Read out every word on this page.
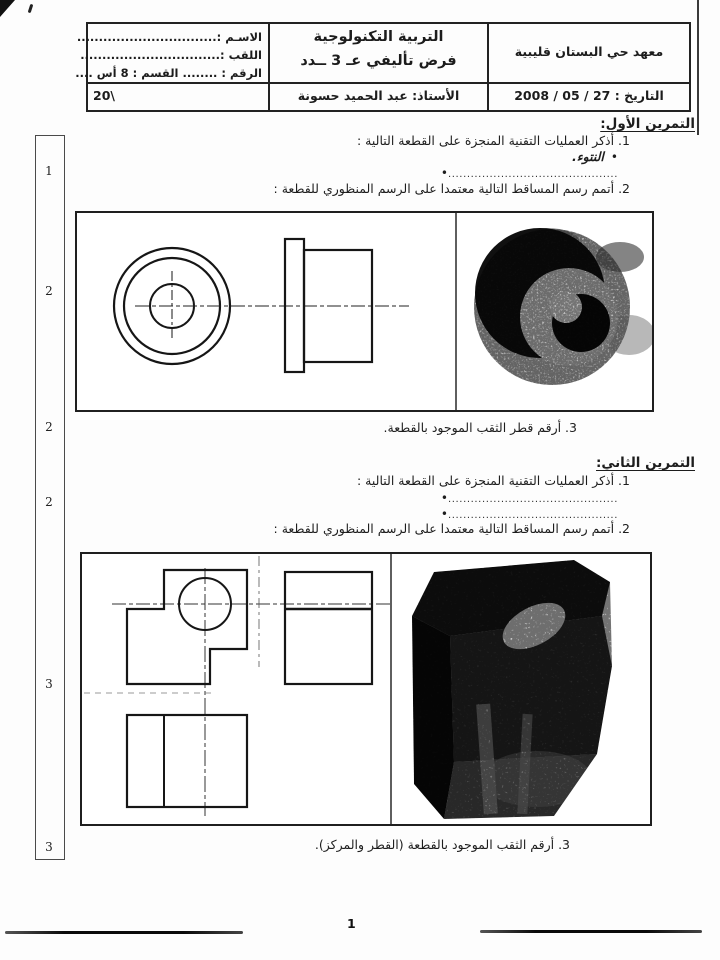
الاسـم :................................
اللقب :................................
الرقم : ........ القسم : 8 أس ....
التربية التكنولوجية
فرض تأليفي عـ 3 ــدد
معهد حي البستان قليبية
20\	الأستاذ: عبد الحميد حسونة	التاريخ : 2008 / 05 / 27
1
2
2
2
3
3
التمرين الأول:
1. أذكر العمليات التقنية المنجزة على القطعة التالية :
•النتوء.
•.............................................
2. أتمم رسم المساقط التالية معتمدا على الرسم المنظوري للقطعة :
3. أرقم قطر الثقب الموجود بالقطعة.
التمرين الثاني:
1. أذكر العمليات التقنية المنجزة على القطعة التالية :
•.............................................
•.............................................
2. أتمم رسم المساقط التالية معتمدا على الرسم المنظوري للقطعة :
3. أرقم الثقب الموجود بالقطعة (القطر والمركز).
1
